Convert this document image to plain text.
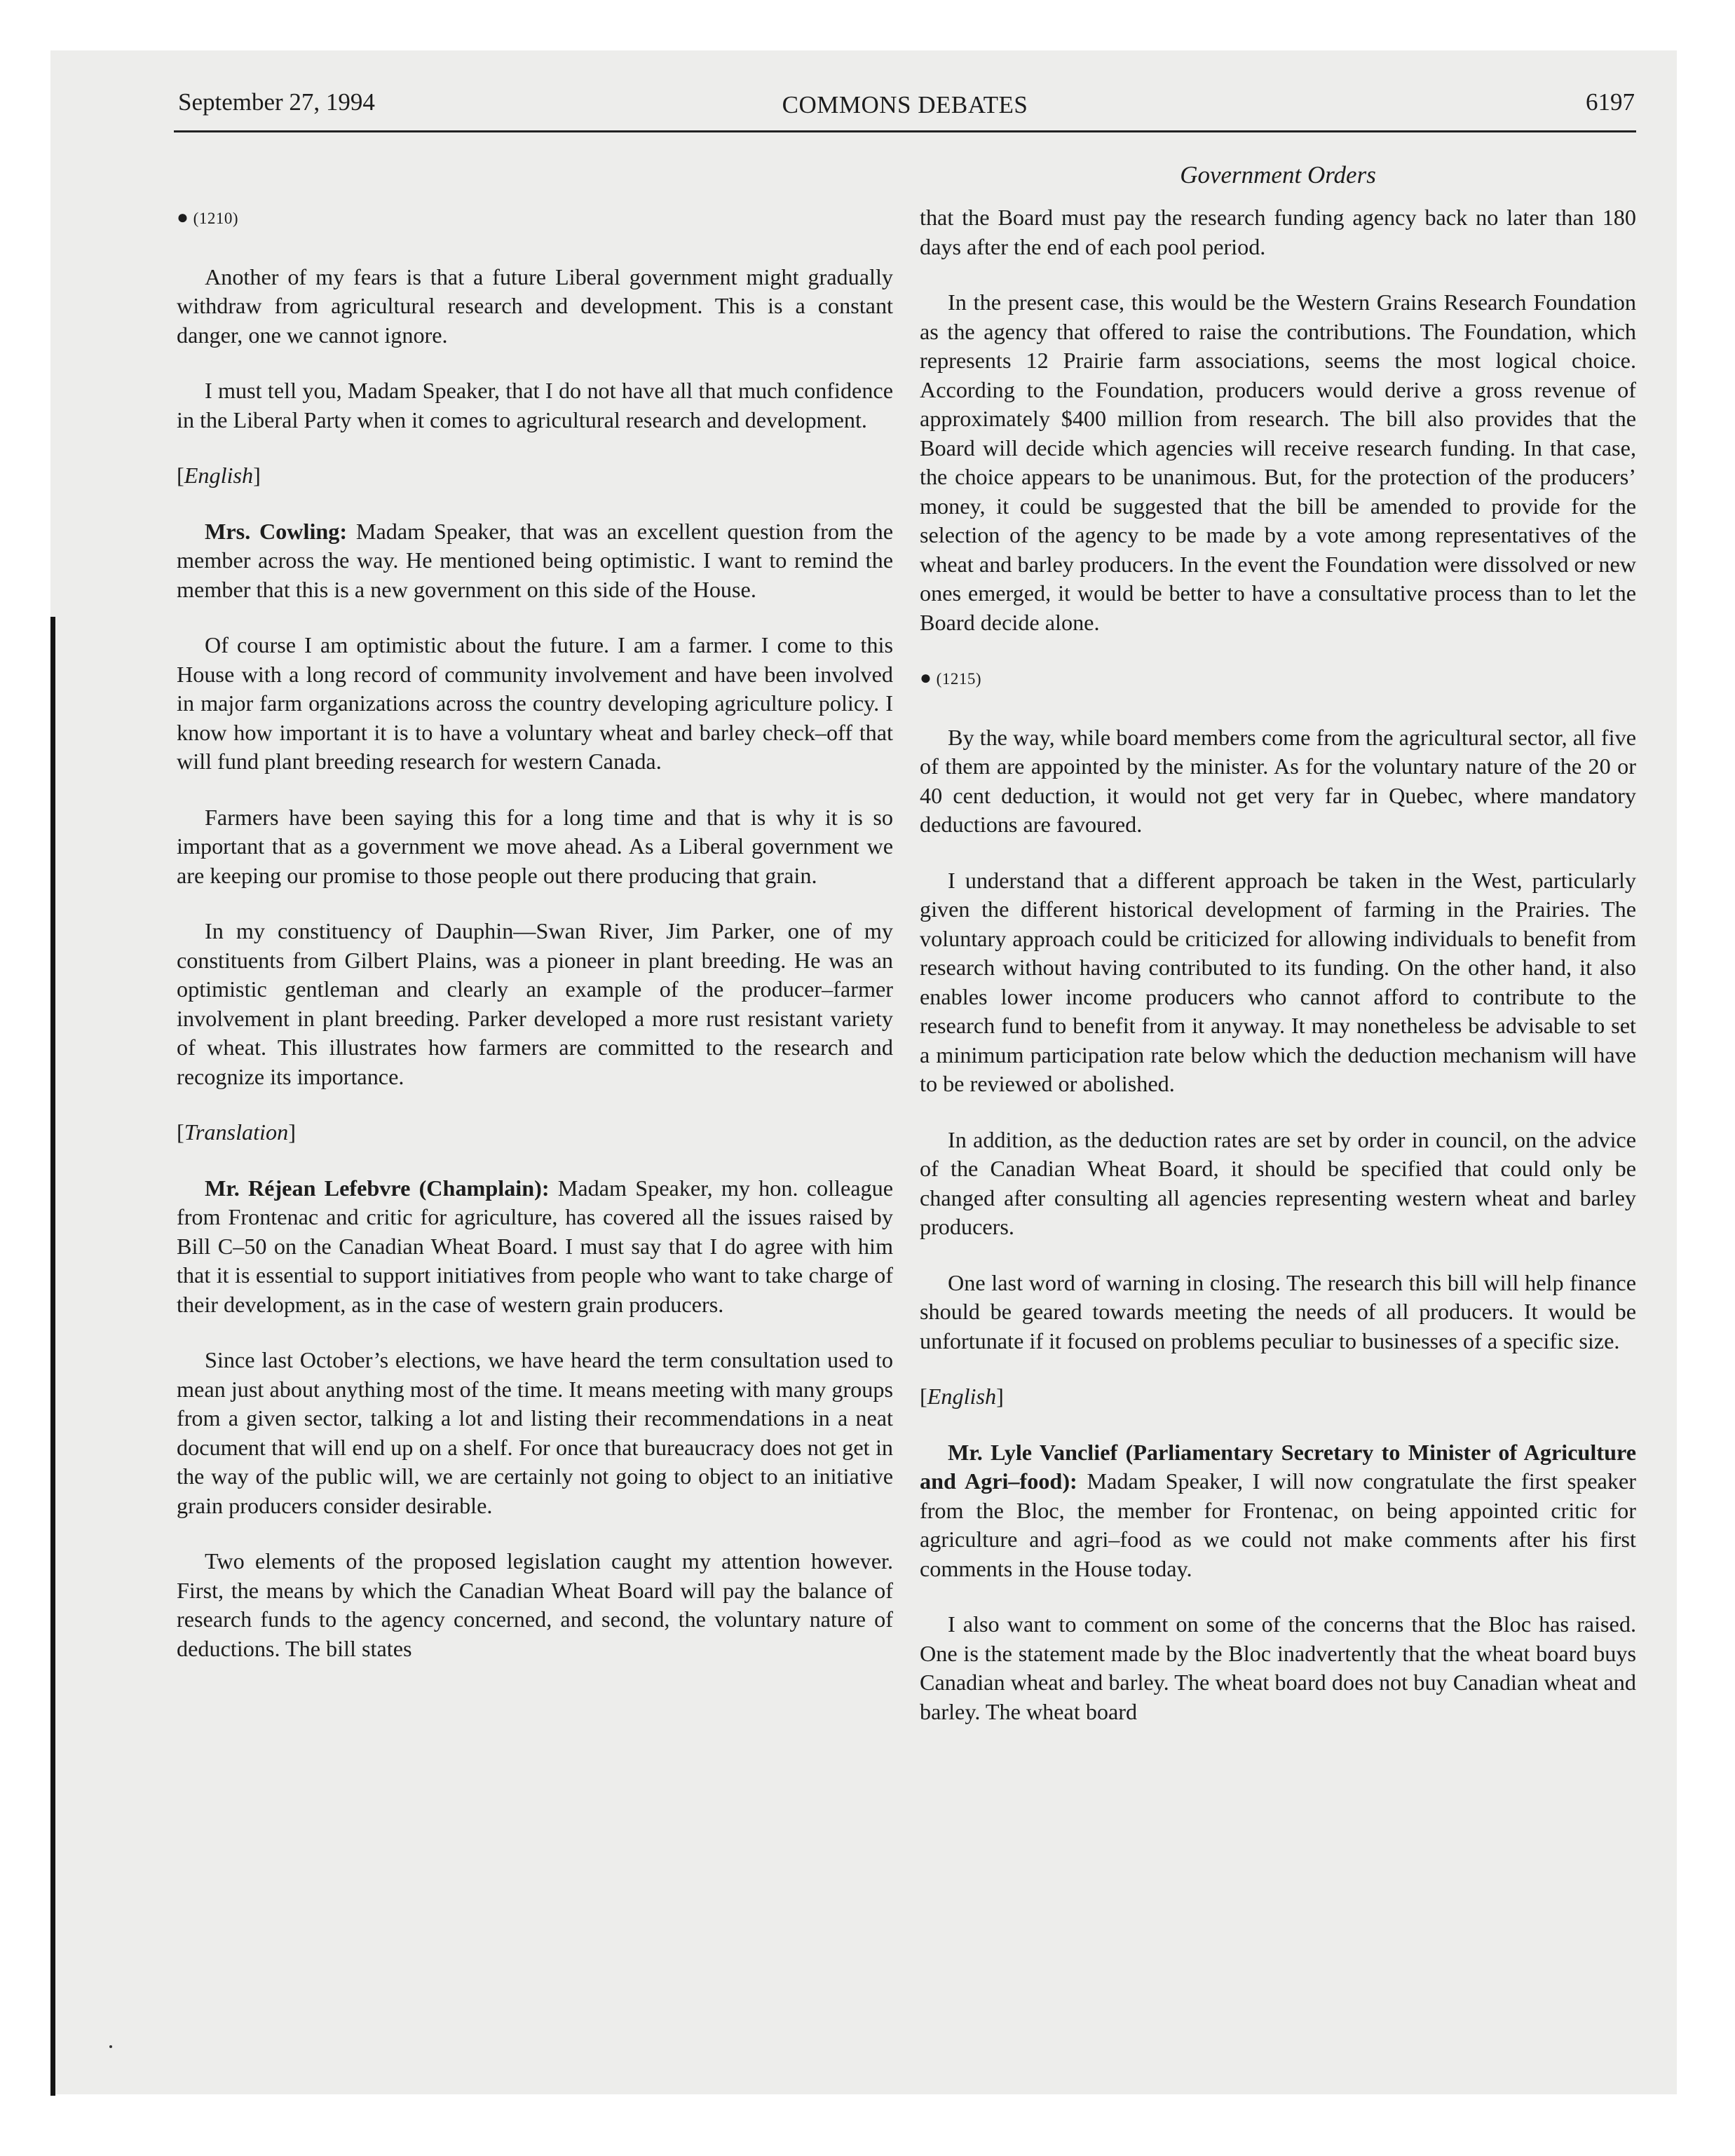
September 27, 1994	COMMONS DEBATES	6197
Government Orders

● (1210)

Another of my fears is that a future Liberal government might gradually withdraw from agricultural research and development. This is a constant danger, one we cannot ignore.

I must tell you, Madam Speaker, that I do not have all that much confidence in the Liberal Party when it comes to agricultural research and development.

[English]

Mrs. Cowling: Madam Speaker, that was an excellent question from the member across the way. He mentioned being optimistic. I want to remind the member that this is a new government on this side of the House.

Of course I am optimistic about the future. I am a farmer. I come to this House with a long record of community involvement and have been involved in major farm organizations across the country developing agriculture policy. I know how important it is to have a voluntary wheat and barley check–off that will fund plant breeding research for western Canada.

Farmers have been saying this for a long time and that is why it is so important that as a government we move ahead. As a Liberal government we are keeping our promise to those people out there producing that grain.

In my constituency of Dauphin—Swan River, Jim Parker, one of my constituents from Gilbert Plains, was a pioneer in plant breeding. He was an optimistic gentleman and clearly an example of the producer–farmer involvement in plant breeding. Parker developed a more rust resistant variety of wheat. This illustrates how farmers are committed to the research and recognize its importance.

[Translation]

Mr. Réjean Lefebvre (Champlain): Madam Speaker, my hon. colleague from Frontenac and critic for agriculture, has covered all the issues raised by Bill C–50 on the Canadian Wheat Board. I must say that I do agree with him that it is essential to support initiatives from people who want to take charge of their development, as in the case of western grain producers.

Since last October’s elections, we have heard the term consultation used to mean just about anything most of the time. It means meeting with many groups from a given sector, talking a lot and listing their recommendations in a neat document that will end up on a shelf. For once that bureaucracy does not get in the way of the public will, we are certainly not going to object to an initiative grain producers consider desirable.

Two elements of the proposed legislation caught my attention however. First, the means by which the Canadian Wheat Board will pay the balance of research funds to the agency concerned, and second, the voluntary nature of deductions. The bill states

that the Board must pay the research funding agency back no later than 180 days after the end of each pool period.

In the present case, this would be the Western Grains Research Foundation as the agency that offered to raise the contributions. The Foundation, which represents 12 Prairie farm associations, seems the most logical choice. According to the Foundation, producers would derive a gross revenue of approximately $400 million from research. The bill also provides that the Board will decide which agencies will receive research funding. In that case, the choice appears to be unanimous. But, for the protection of the producers’ money, it could be suggested that the bill be amended to provide for the selection of the agency to be made by a vote among representatives of the wheat and barley producers. In the event the Foundation were dissolved or new ones emerged, it would be better to have a consultative process than to let the Board decide alone.

● (1215)

By the way, while board members come from the agricultural sector, all five of them are appointed by the minister. As for the voluntary nature of the 20 or 40 cent deduction, it would not get very far in Quebec, where mandatory deductions are favoured.

I understand that a different approach be taken in the West, particularly given the different historical development of farming in the Prairies. The voluntary approach could be criticized for allowing individuals to benefit from research without having contributed to its funding. On the other hand, it also enables lower income producers who cannot afford to contribute to the research fund to benefit from it anyway. It may nonetheless be advisable to set a minimum participation rate below which the deduction mechanism will have to be reviewed or abolished.

In addition, as the deduction rates are set by order in council, on the advice of the Canadian Wheat Board, it should be specified that could only be changed after consulting all agencies representing western wheat and barley producers.

One last word of warning in closing. The research this bill will help finance should be geared towards meeting the needs of all producers. It would be unfortunate if it focused on problems peculiar to businesses of a specific size.

[English]

Mr. Lyle Vanclief (Parliamentary Secretary to Minister of Agriculture and Agri–food): Madam Speaker, I will now congratulate the first speaker from the Bloc, the member for Frontenac, on being appointed critic for agriculture and agri–food as we could not make comments after his first comments in the House today.

I also want to comment on some of the concerns that the Bloc has raised. One is the statement made by the Bloc inadvertently that the wheat board buys Canadian wheat and barley. The wheat board does not buy Canadian wheat and barley. The wheat board
